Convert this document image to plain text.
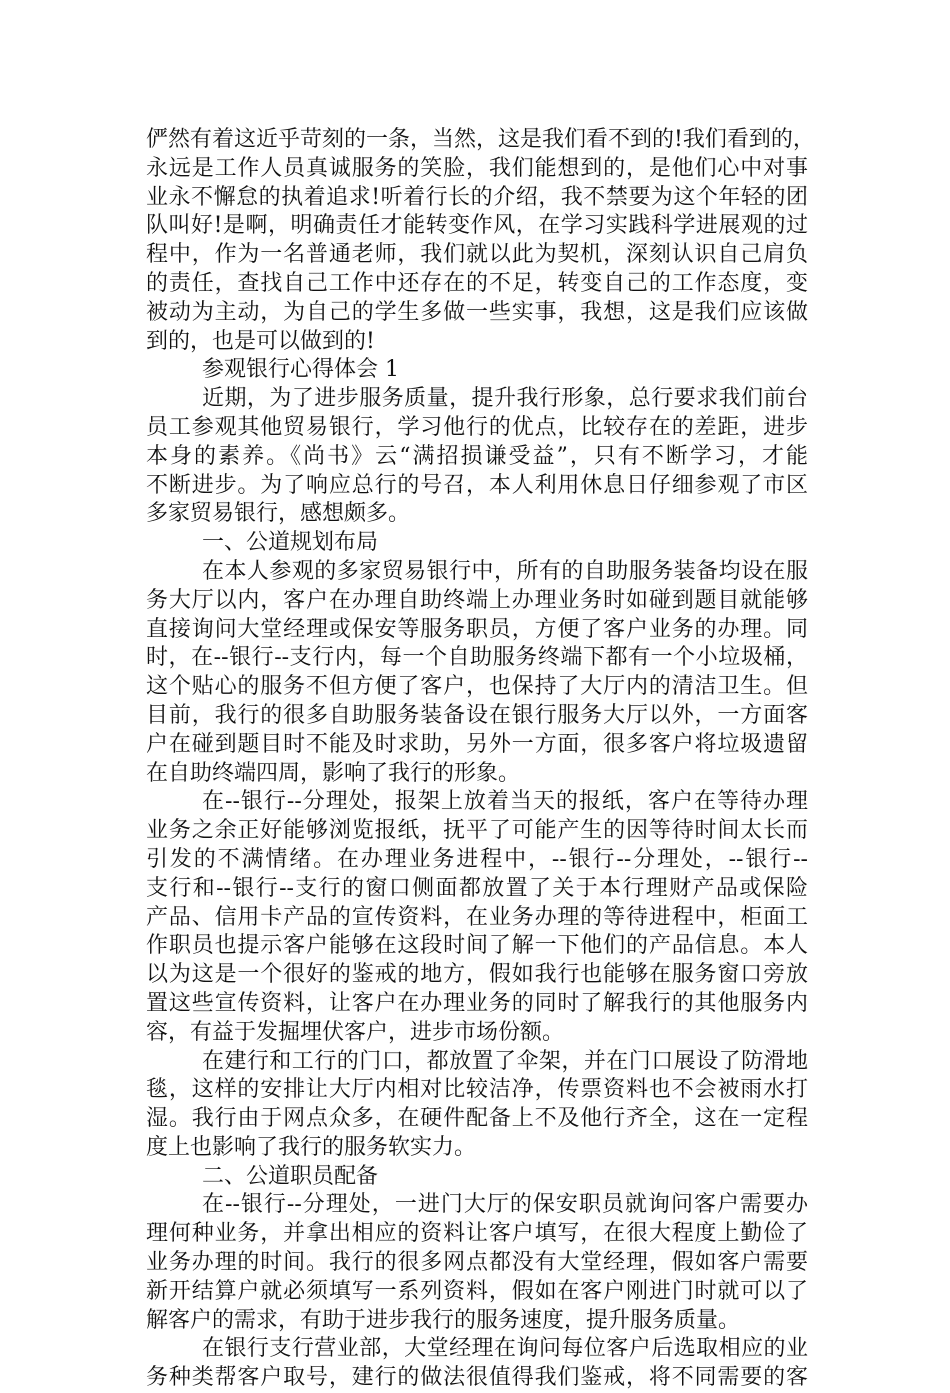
俨然有着这近乎苛刻的一条，当然，这是我们看不到的!我们看到的，
永远是工作人员真诚服务的笑脸，我们能想到的，是他们心中对事
业永不懈怠的执着追求!听着行长的介绍，我不禁要为这个年轻的团
队叫好!是啊，明确责任才能转变作风，在学习实践科学进展观的过
程中，作为一名普通老师，我们就以此为契机，深刻认识自己肩负
的责任，查找自己工作中还存在的不足，转变自己的工作态度，变
被动为主动，为自己的学生多做一些实事，我想，这是我们应该做
到的，也是可以做到的!
参观银行心得体会 1
近期，为了进步服务质量，提升我行形象，总行要求我们前台
员工参观其他贸易银行，学习他行的优点，比较存在的差距，进步
本身的素养。《尚书》云“满招损谦受益”，只有不断学习，才能
不断进步。为了响应总行的号召，本人利用休息日仔细参观了市区
多家贸易银行，感想颇多。
一、公道规划布局
在本人参观的多家贸易银行中，所有的自助服务装备均设在服
务大厅以内，客户在办理自助终端上办理业务时如碰到题目就能够
直接询问大堂经理或保安等服务职员，方便了客户业务的办理。同
时，在--银行--支行内，每一个自助服务终端下都有一个小垃圾桶，
这个贴心的服务不但方便了客户，也保持了大厅内的清洁卫生。但
目前，我行的很多自助服务装备设在银行服务大厅以外，一方面客
户在碰到题目时不能及时求助，另外一方面，很多客户将垃圾遗留
在自助终端四周，影响了我行的形象。
在--银行--分理处，报架上放着当天的报纸，客户在等待办理
业务之余正好能够浏览报纸，抚平了可能产生的因等待时间太长而
引发的不满情绪。在办理业务进程中，--银行--分理处，--银行--
支行和--银行--支行的窗口侧面都放置了关于本行理财产品或保险
产品、信用卡产品的宣传资料，在业务办理的等待进程中，柜面工
作职员也提示客户能够在这段时间了解一下他们的产品信息。本人
以为这是一个很好的鉴戒的地方，假如我行也能够在服务窗口旁放
置这些宣传资料，让客户在办理业务的同时了解我行的其他服务内
容，有益于发掘埋伏客户，进步市场份额。
在建行和工行的门口，都放置了伞架，并在门口展设了防滑地
毯，这样的安排让大厅内相对比较洁净，传票资料也不会被雨水打
湿。我行由于网点众多，在硬件配备上不及他行齐全，这在一定程
度上也影响了我行的服务软实力。
二、公道职员配备
在--银行--分理处，一进门大厅的保安职员就询问客户需要办
理何种业务，并拿出相应的资料让客户填写，在很大程度上勤俭了
业务办理的时间。我行的很多网点都没有大堂经理，假如客户需要
新开结算户就必须填写一系列资料，假如在客户刚进门时就可以了
解客户的需求，有助于进步我行的服务速度，提升服务质量。
在银行支行营业部，大堂经理在询问每位客户后选取相应的业
务种类帮客户取号，建行的做法很值得我们鉴戒，将不同需要的客
